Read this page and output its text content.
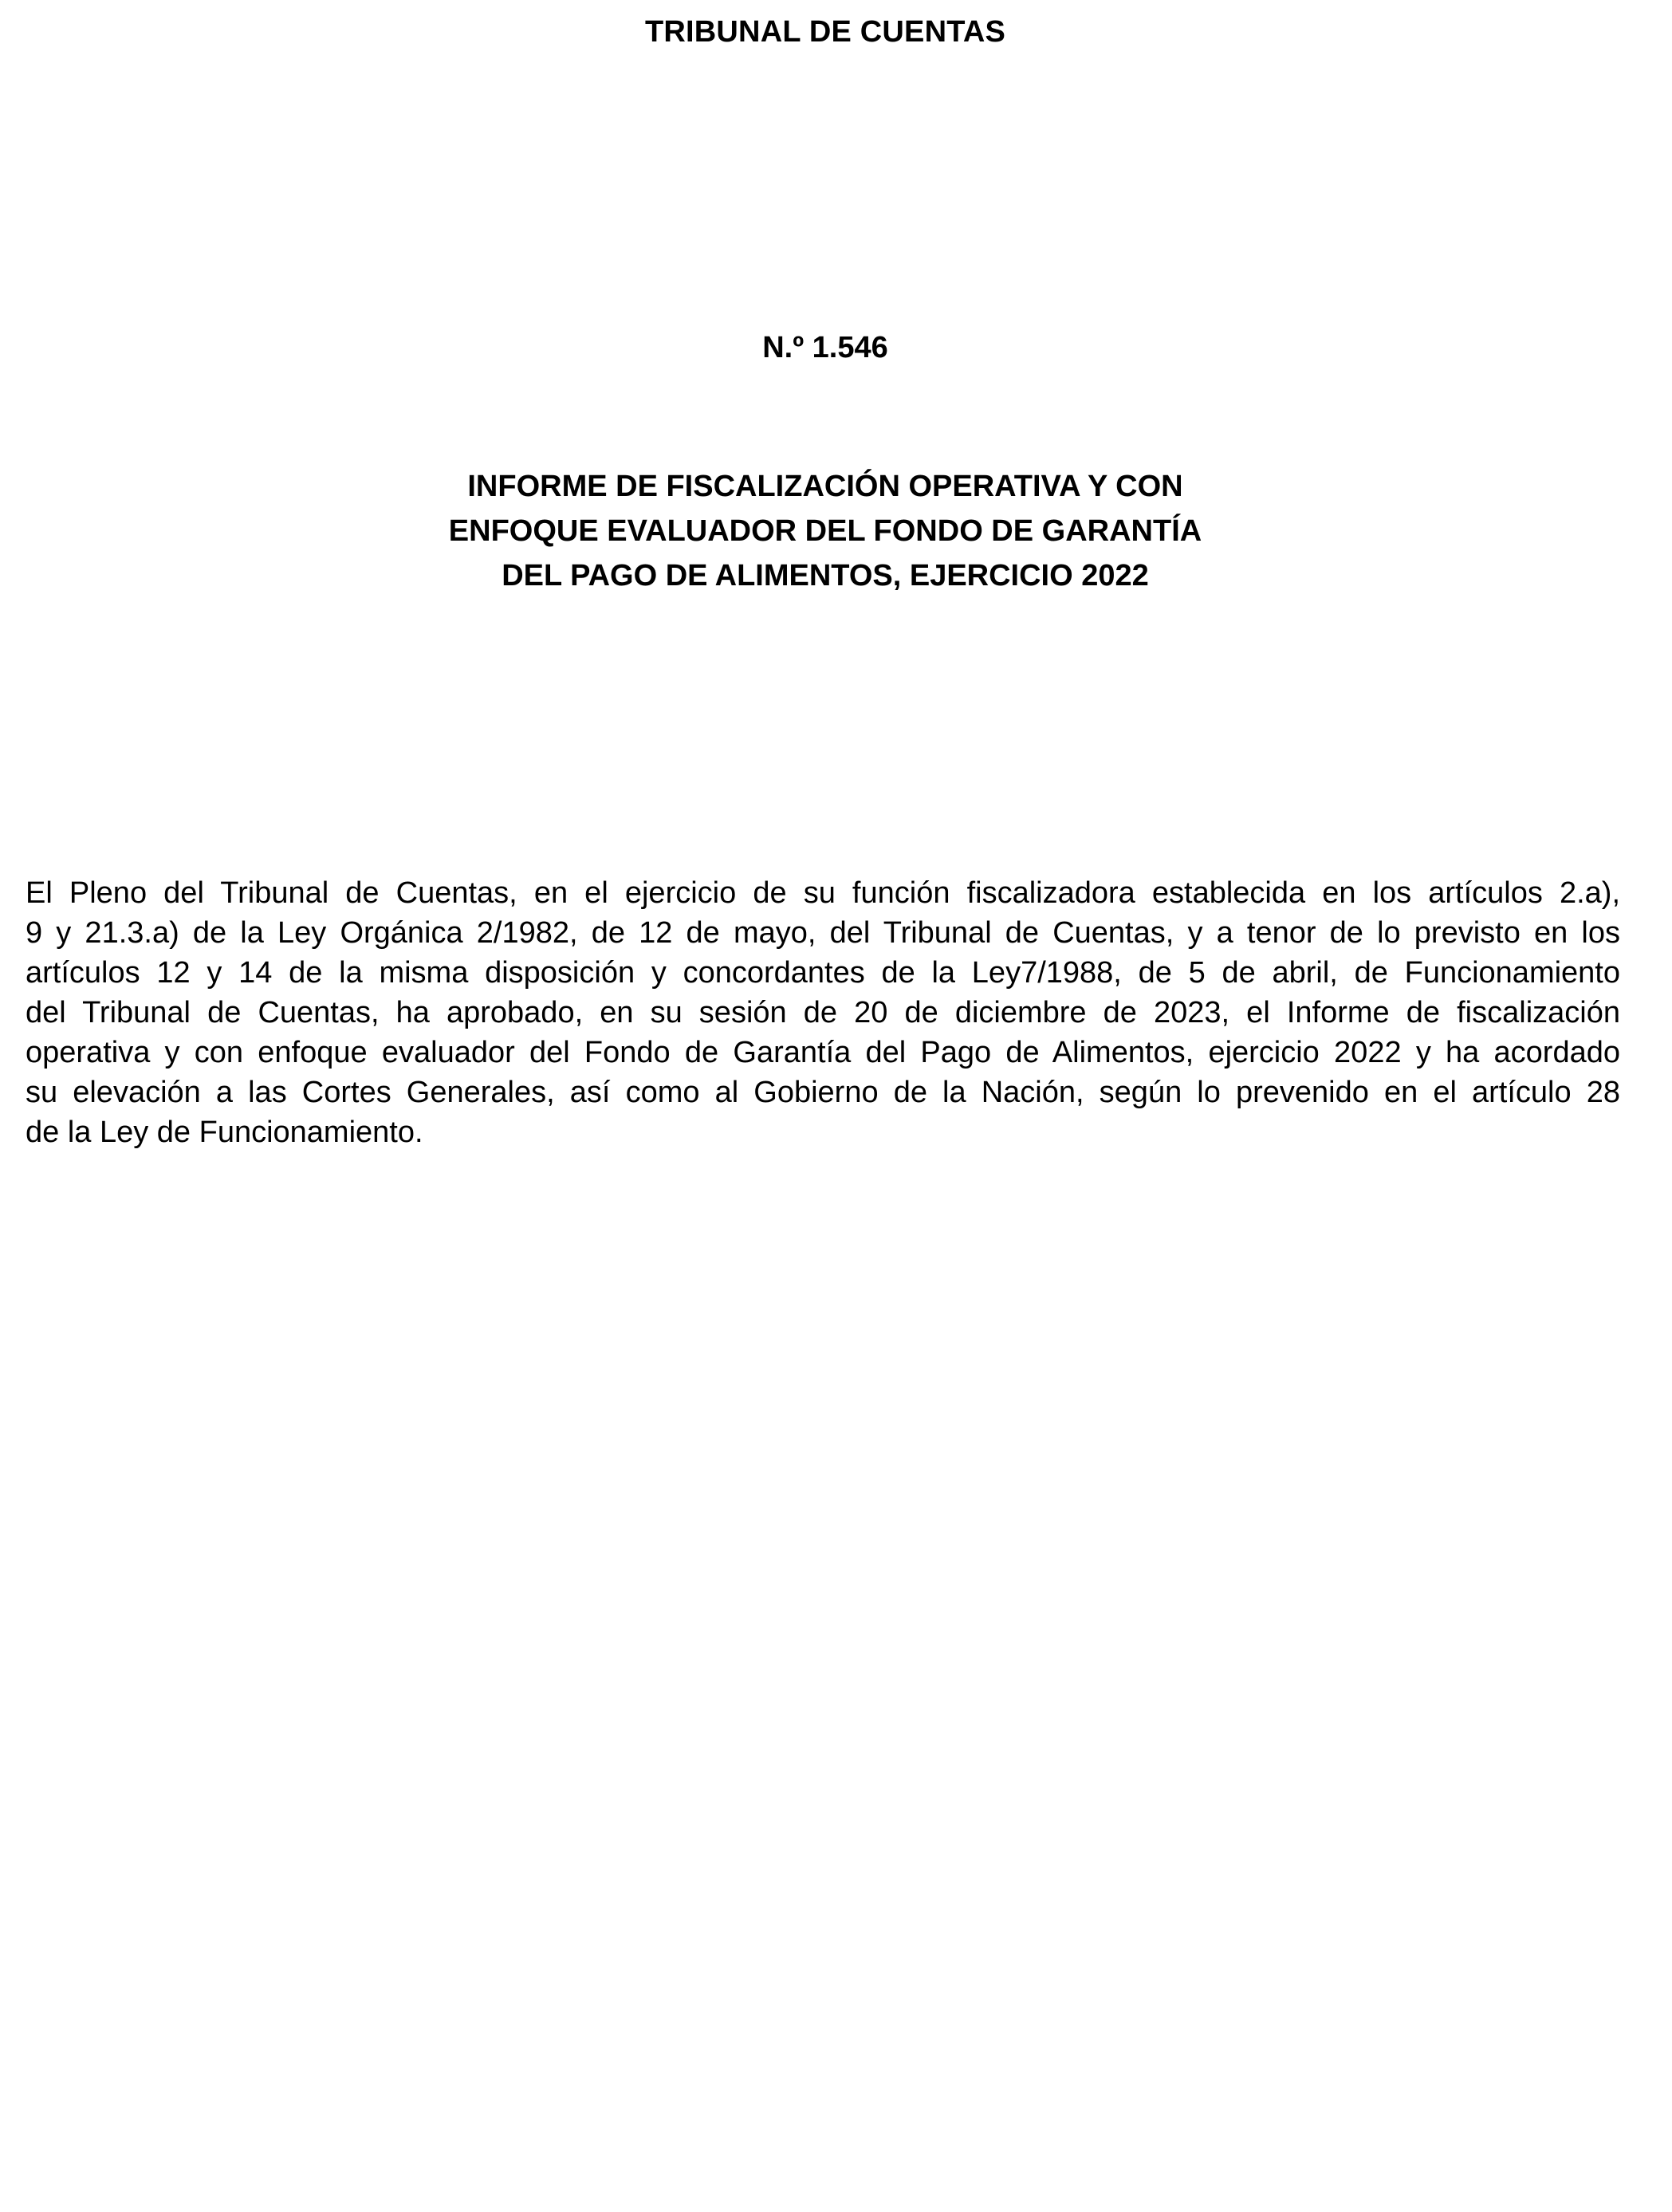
TRIBUNAL DE CUENTAS
N.º 1.546
INFORME DE FISCALIZACIÓN OPERATIVA Y CON
ENFOQUE EVALUADOR DEL FONDO DE GARANTÍA
DEL PAGO DE ALIMENTOS, EJERCICIO 2022
El Pleno del Tribunal de Cuentas, en el ejercicio de su función fiscalizadora establecida en los artículos 2.a),
9 y 21.3.a) de la Ley Orgánica 2/1982, de 12 de mayo, del Tribunal de Cuentas, y a tenor de lo previsto en los
artículos 12 y 14 de la misma disposición y concordantes de la Ley7/1988, de 5 de abril, de Funcionamiento
del Tribunal de Cuentas, ha aprobado, en su sesión de 20 de diciembre de 2023, el Informe de fiscalización
operativa y con enfoque evaluador del Fondo de Garantía del Pago de Alimentos, ejercicio 2022 y ha acordado
su elevación a las Cortes Generales, así como al Gobierno de la Nación, según lo prevenido en el artículo 28
de la Ley de Funcionamiento.
